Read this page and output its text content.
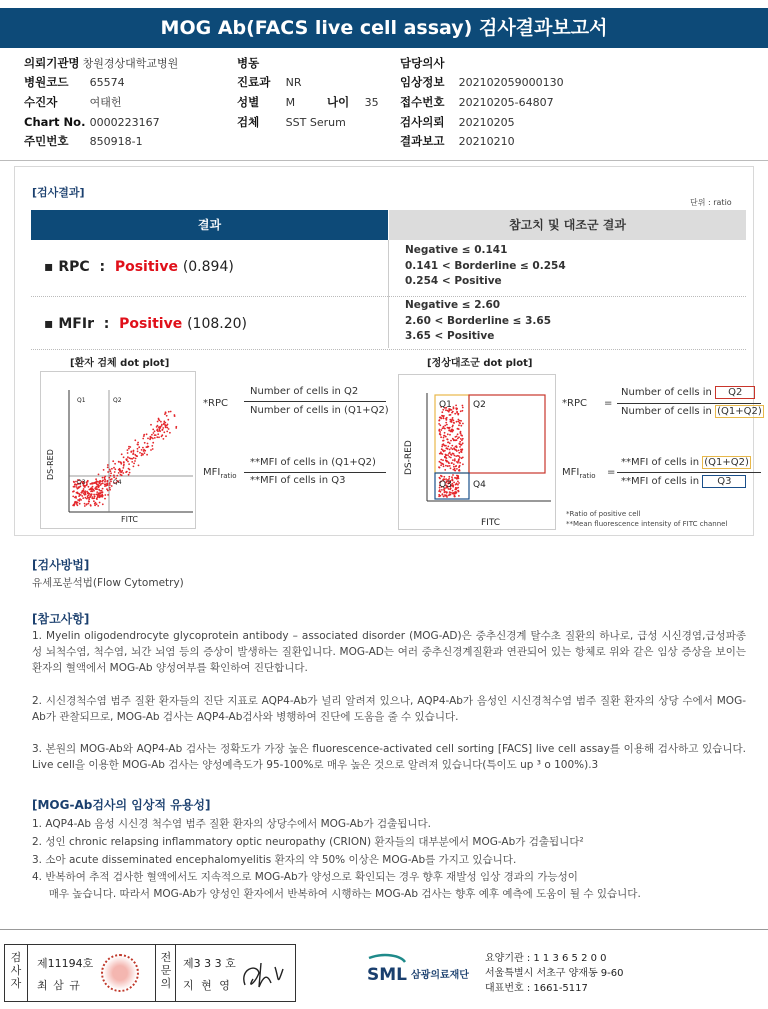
MOG Ab(FACS live cell assay) 검사결과보고서
의뢰기관명 창원경상대학교병원
병원코드 65574
수진자	여태헌
Chart No. 0000223167
주민번호 850918-1
병동
진료과 NR
성별 M	나이 35
검체 SST Serum
담당의사
임상정보 202102059000130
접수번호 20210205-64807
검사의뢰 20210205
결과보고 20210210
[검사결과]
단위 : ratio
결과	참고치 및 대조군 결과
▪ RPC  :  Positive (0.894)
Negative ≤ 0.141
0.141 < Borderline ≤ 0.254
0.254 < Positive
▪ MFIr  :  Positive (108.20)
Negative ≤ 2.60
2.60 < Borderline ≤ 3.65
3.65 < Positive
[환자 검체 dot plot]
Q1	Q2
Q3	Q4
FITC
DS-RED
*RPC
Number of cells in Q2
Number of cells in (Q1+Q2)
$MFI_{ratio}$
**MFI of cells in (Q1+Q2)
**MFI of cells in Q3
[정상대조군 dot plot]
Q1 Q2
Q3 Q4
FITC
DS-RED
*RPC =
Number of cells in Q2
Number of cells in (Q1+Q2)
$MFI_{ratio}$ =
**MFI of cells in (Q1+Q2)
**MFI of cells in Q3
*Ratio of positive cell
**Mean fluorescence intensity of FITC channel
[검사방법]
유세포분석법(Flow Cytometry)
[참고사항]
1. Myelin oligodendrocyte glycoprotein antibody – associated disorder (MOG-AD)은 중추신경계 탈수초 질환의 하나로, 급성 시신경염,급성파종성 뇌척수염, 척수염, 뇌간 뇌염 등의 증상이 발생하는 질환입니다. MOG-AD는 여러 중추신경계질환과 연관되어 있는 항체로 위와 같은 임상 증상을 보이는 환자의 혈액에서 MOG-Ab 양성여부를 확인하여 진단합니다.
2. 시신경척수염 범주 질환 환자들의 진단 지표로 AQP4-Ab가 널리 알려져 있으나, AQP4-Ab가 음성인 시신경척수염 범주 질환 환자의 상당 수에서 MOG-Ab가 관찰되므로, MOG-Ab 검사는 AQP4-Ab검사와 병행하여 진단에 도움을 줄 수 있습니다.
3. 본원의 MOG-Ab와 AQP4-Ab 검사는 정확도가 가장 높은 fluorescence-activated cell sorting [FACS] live cell assay를 이용해 검사하고 있습니다. Live cell을 이용한 MOG-Ab 검사는 양성예측도가 95-100%로 매우 높은 것으로 알려져 있습니다(특이도 up ³ o 100%).3
[MOG-Ab검사의 임상적 유용성]
1. AQP4-Ab 음성 시신경 척수염 범주 질환 환자의 상당수에서 MOG-Ab가 검출됩니다.
2. 성인 chronic relapsing inflammatory optic neuropathy (CRION) 환자들의 대부분에서 MOG-Ab가 검출됩니다²
3. 소아 acute disseminated encephalomyelitis 환자의 약 50% 이상은 MOG-Ab를 가지고 있습니다.
4. 반복하여 추적 검사한 혈액에서도 지속적으로 MOG-Ab가 양성으로 확인되는 경우 향후 재발성 임상 경과의 가능성이
매우 높습니다. 따라서 MOG-Ab가 양성인 환자에서 반복하여 시행하는 MOG-Ab 검사는 향후 예후 예측에 도움이 될 수 있습니다.
검
사
자
제11194호
최 삼 규
전
문
의
제3 3 3 호
지 현 영
SML 삼광의료재단
요양기관 : 1 1 3 6 5 2 0 0
서울특별시 서초구 양재동 9-60
대표번호 : 1661-5117
